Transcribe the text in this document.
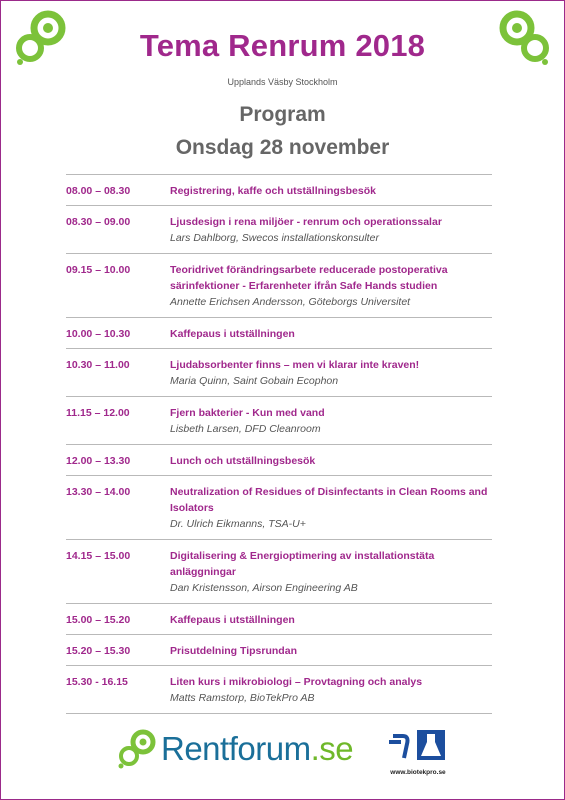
Tema Renrum 2018
Upplands Väsby Stockholm
Program
Onsdag 28 november
08.00 – 08.30	Registrering, kaffe och utställningsbesök
08.30 – 09.00	Ljusdesign i rena miljöer - renrum och operationssalar
Lars Dahlborg, Swecos installationskonsulter
09.15 – 10.00	Teoridrivet förändringsarbete reducerade postoperativa särinfektioner - Erfarenheter ifrån Safe Hands studien
Annette Erichsen Andersson, Göteborgs Universitet
10.00 – 10.30	Kaffepaus i utställningen
10.30 – 11.00	Ljudabsorbenter finns – men vi klarar inte kraven!
Maria Quinn, Saint Gobain Ecophon
11.15 – 12.00	Fjern bakterier - Kun med vand
Lisbeth Larsen, DFD Cleanroom
12.00 – 13.30	Lunch och utställningsbesök
13.30 – 14.00	Neutralization of Residues of Disinfectants in Clean Rooms and Isolators
Dr. Ulrich Eikmanns, TSA-U+
14.15 – 15.00	Digitalisering & Energioptimering av installationstäta anläggningar
Dan Kristensson, Airson Engineering AB
15.00 – 15.20	Kaffepaus i utställningen
15.20 – 15.30	Prisutdelning Tipsrundan
15.30 - 16.15	Liten kurs i mikrobiologi – Provtagning och analys
Matts Ramstorp, BioTekPro AB
Rentforum.se
www.biotekpro.se
